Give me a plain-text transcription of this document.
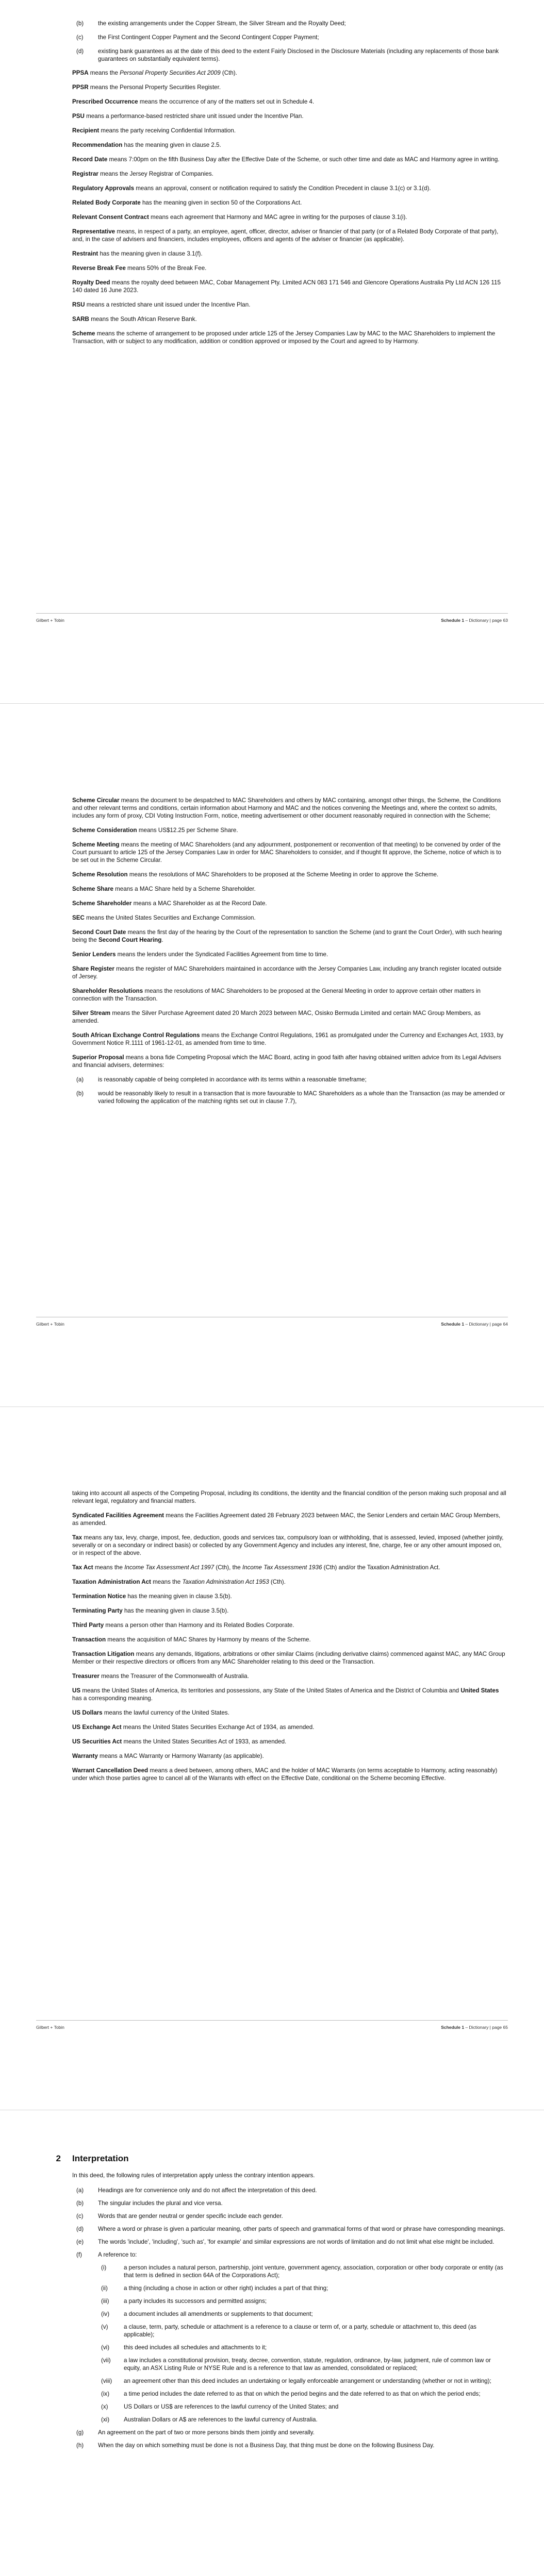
(b)	the existing arrangements under the Copper Stream, the Silver Stream and the Royalty Deed;
(c)	the First Contingent Copper Payment and the Second Contingent Copper Payment;
(d)	existing bank guarantees as at the date of this deed to the extent Fairly Disclosed in the Disclosure Materials (including any replacements of those bank guarantees on substantially equivalent terms).

PPSA means the Personal Property Securities Act 2009 (Cth).

PPSR means the Personal Property Securities Register.

Prescribed Occurrence means the occurrence of any of the matters set out in Schedule 4.

PSU means a performance-based restricted share unit issued under the Incentive Plan.

Recipient means the party receiving Confidential Information.

Recommendation has the meaning given in clause 2.5.

Record Date means 7:00pm on the fifth Business Day after the Effective Date of the Scheme, or such other time and date as MAC and Harmony agree in writing.

Registrar means the Jersey Registrar of Companies.

Regulatory Approvals means an approval, consent or notification required to satisfy the Condition Precedent in clause 3.1(c) or 3.1(d).

Related Body Corporate has the meaning given in section 50 of the Corporations Act.

Relevant Consent Contract means each agreement that Harmony and MAC agree in writing for the purposes of clause 3.1(i).

Representative means, in respect of a party, an employee, agent, officer, director, adviser or financier of that party (or of a Related Body Corporate of that party), and, in the case of advisers and financiers, includes employees, officers and agents of the adviser or financier (as applicable).

Restraint has the meaning given in clause 3.1(f).

Reverse Break Fee means 50% of the Break Fee.

Royalty Deed means the royalty deed between MAC, Cobar Management Pty. Limited ACN 083 171 546 and Glencore Operations Australia Pty Ltd ACN 126 115 140 dated 16 June 2023.

RSU means a restricted share unit issued under the Incentive Plan.

SARB means the South African Reserve Bank.

Scheme means the scheme of arrangement to be proposed under article 125 of the Jersey Companies Law by MAC to the MAC Shareholders to implement the Transaction, with or subject to any modification, addition or condition approved or imposed by the Court and agreed to by Harmony.

Gilbert + Tobin	Schedule 1 – Dictionary | page 63

Scheme Circular means the document to be despatched to MAC Shareholders and others by MAC containing, amongst other things, the Scheme, the Conditions and other relevant terms and conditions, certain information about Harmony and MAC and the notices convening the Meetings and, where the context so admits, includes any form of proxy, CDI Voting Instruction Form, notice, meeting advertisement or other document reasonably required in connection with the Scheme;

Scheme Consideration means US$12.25 per Scheme Share.

Scheme Meeting means the meeting of MAC Shareholders (and any adjournment, postponement or reconvention of that meeting) to be convened by order of the Court pursuant to article 125 of the Jersey Companies Law in order for MAC Shareholders to consider, and if thought fit approve, the Scheme, notice of which is to be set out in the Scheme Circular.

Scheme Resolution means the resolutions of MAC Shareholders to be proposed at the Scheme Meeting in order to approve the Scheme.

Scheme Share means a MAC Share held by a Scheme Shareholder.

Scheme Shareholder means a MAC Shareholder as at the Record Date.

SEC means the United States Securities and Exchange Commission.

Second Court Date means the first day of the hearing by the Court of the representation to sanction the Scheme (and to grant the Court Order), with such hearing being the Second Court Hearing.

Senior Lenders means the lenders under the Syndicated Facilities Agreement from time to time.

Share Register means the register of MAC Shareholders maintained in accordance with the Jersey Companies Law, including any branch register located outside of Jersey.

Shareholder Resolutions means the resolutions of MAC Shareholders to be proposed at the General Meeting in order to approve certain other matters in connection with the Transaction.

Silver Stream means the Silver Purchase Agreement dated 20 March 2023 between MAC, Osisko Bermuda Limited and certain MAC Group Members, as amended.

South African Exchange Control Regulations means the Exchange Control Regulations, 1961 as promulgated under the Currency and Exchanges Act, 1933, by Government Notice R.1111 of 1961-12-01, as amended from time to time.

Superior Proposal means a bona fide Competing Proposal which the MAC Board, acting in good faith after having obtained written advice from its Legal Advisers and financial advisers, determines:

(a)	is reasonably capable of being completed in accordance with its terms within a reasonable timeframe;
(b)	would be reasonably likely to result in a transaction that is more favourable to MAC Shareholders as a whole than the Transaction (as may be amended or varied following the application of the matching rights set out in clause 7.7),
Gilbert + Tobin	Schedule 1 – Dictionary | page 64

taking into account all aspects of the Competing Proposal, including its conditions, the identity and the financial condition of the person making such proposal and all relevant legal, regulatory and financial matters.

Syndicated Facilities Agreement means the Facilities Agreement dated 28 February 2023 between MAC, the Senior Lenders and certain MAC Group Members, as amended.

Tax means any tax, levy, charge, impost, fee, deduction, goods and services tax, compulsory loan or withholding, that is assessed, levied, imposed (whether jointly, severally or on a secondary or indirect basis) or collected by any Government Agency and includes any interest, fine, charge, fee or any other amount imposed on, or in respect of the above.

Tax Act means the Income Tax Assessment Act 1997 (Cth), the Income Tax Assessment 1936 (Cth) and/or the Taxation Administration Act.

Taxation Administration Act means the Taxation Administration Act 1953 (Cth).

Termination Notice has the meaning given in clause 3.5(b).

Terminating Party has the meaning given in clause 3.5(b).

Third Party means a person other than Harmony and its Related Bodies Corporate.

Transaction means the acquisition of MAC Shares by Harmony by means of the Scheme.

Transaction Litigation means any demands, litigations, arbitrations or other similar Claims (including derivative claims) commenced against MAC, any MAC Group Member or their respective directors or officers from any MAC Shareholder relating to this deed or the Transaction.

Treasurer means the Treasurer of the Commonwealth of Australia.

US means the United States of America, its territories and possessions, any State of the United States of America and the District of Columbia and United States has a corresponding meaning.

US Dollars means the lawful currency of the United States.

US Exchange Act means the United States Securities Exchange Act of 1934, as amended.

US Securities Act means the United States Securities Act of 1933, as amended.

Warranty means a MAC Warranty or Harmony Warranty (as applicable).

Warrant Cancellation Deed means a deed between, among others, MAC and the holder of MAC Warrants (on terms acceptable to Harmony, acting reasonably) under which those parties agree to cancel all of the Warrants with effect on the Effective Date, conditional on the Scheme becoming Effective.

Gilbert + Tobin	Schedule 1 – Dictionary | page 65
2	Interpretation

In this deed, the following rules of interpretation apply unless the contrary intention appears.

(a)	Headings are for convenience only and do not affect the interpretation of this deed.
(b)	The singular includes the plural and vice versa.
(c)	Words that are gender neutral or gender specific include each gender.
(d)	Where a word or phrase is given a particular meaning, other parts of speech and grammatical forms of that word or phrase have corresponding meanings.
(e)	The words 'include', 'including', 'such as', 'for example' and similar expressions are not words of limitation and do not limit what else might be included.
(f)	A reference to:
(i)	a person includes a natural person, partnership, joint venture, government agency, association, corporation or other body corporate or entity (as that term is defined in section 64A of the Corporations Act);
(ii)	a thing (including a chose in action or other right) includes a part of that thing;
(iii)	a party includes its successors and permitted assigns;
(iv)	a document includes all amendments or supplements to that document;
(v)	a clause, term, party, schedule or attachment is a reference to a clause or term of, or a party, schedule or attachment to, this deed (as applicable);
(vi)	this deed includes all schedules and attachments to it;
(vii)	a law includes a constitutional provision, treaty, decree, convention, statute, regulation, ordinance, by-law, judgment, rule of common law or equity, an ASX Listing Rule or NYSE Rule and is a reference to that law as amended, consolidated or replaced;
(viii)	an agreement other than this deed includes an undertaking or legally enforceable arrangement or understanding (whether or not in writing);
(ix)	a time period includes the date referred to as that on which the period begins and the date referred to as that on which the period ends;
(x)	US Dollars or US$ are references to the lawful currency of the United States; and
(xi)	Australian Dollars or A$ are references to the lawful currency of Australia.
(g)	An agreement on the part of two or more persons binds them jointly and severally.
(h)	When the day on which something must be done is not a Business Day, that thing must be done on the following Business Day.
